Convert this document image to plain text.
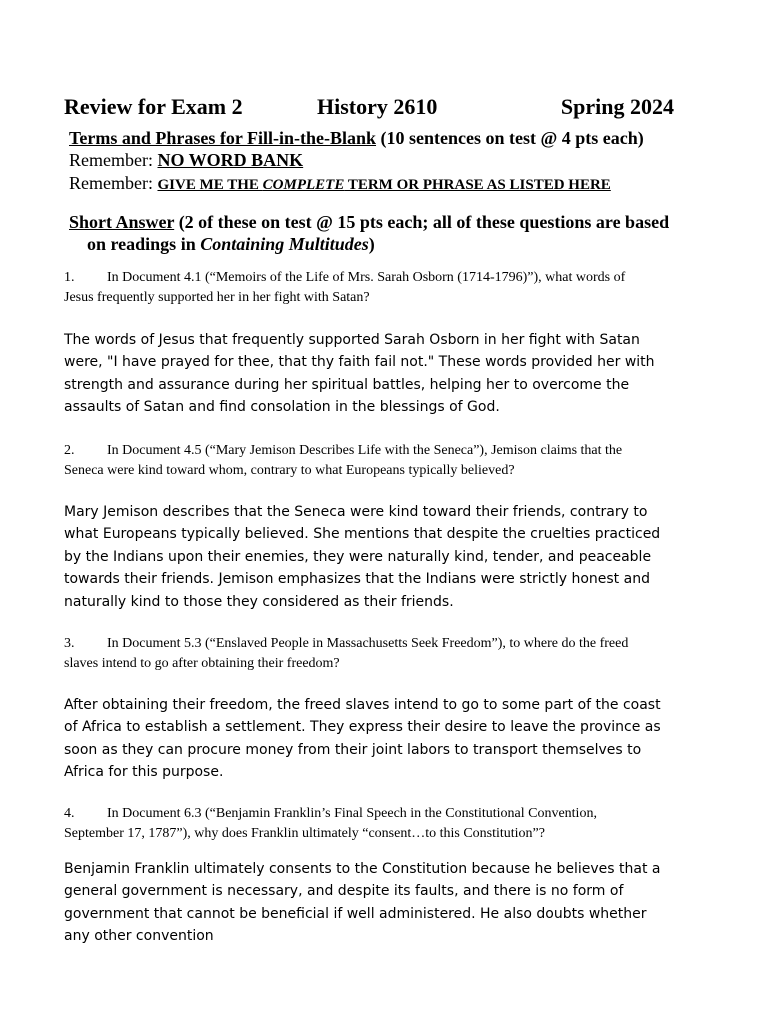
Review for Exam 2	History 2610	Spring 2024
Terms and Phrases for Fill-in-the-Blank (10 sentences on test @ 4 pts each)
Remember: NO WORD BANK
Remember: GIVE ME THE COMPLETE TERM OR PHRASE AS LISTED HERE
Short Answer (2 of these on test @ 15 pts each; all of these questions are based
on readings in Containing Multitudes)
1. In Document 4.1 (“Memoirs of the Life of Mrs. Sarah Osborn (1714-1796)”), what words of
Jesus frequently supported her in her fight with Satan?
The words of Jesus that frequently supported Sarah Osborn in her fight with Satan were, "I have prayed for thee, that thy faith fail not." These words provided her with strength and assurance during her spiritual battles, helping her to overcome the assaults of Satan and find consolation in the blessings of God.
2. In Document 4.5 (“Mary Jemison Describes Life with the Seneca”), Jemison claims that the
Seneca were kind toward whom, contrary to what Europeans typically believed?
Mary Jemison describes that the Seneca were kind toward their friends, contrary to what Europeans typically believed. She mentions that despite the cruelties practiced by the Indians upon their enemies, they were naturally kind, tender, and peaceable towards their friends. Jemison emphasizes that the Indians were strictly honest and naturally kind to those they considered as their friends.
3. In Document 5.3 (“Enslaved People in Massachusetts Seek Freedom”), to where do the freed
slaves intend to go after obtaining their freedom?
After obtaining their freedom, the freed slaves intend to go to some part of the coast of Africa to establish a settlement. They express their desire to leave the province as soon as they can procure money from their joint labors to transport themselves to Africa for this purpose.
4. In Document 6.3 (“Benjamin Franklin’s Final Speech in the Constitutional Convention,
September 17, 1787”), why does Franklin ultimately “consent…to this Constitution”?
Benjamin Franklin ultimately consents to the Constitution because he believes that a general government is necessary, and despite its faults, and there is no form of government that cannot be beneficial if well administered. He also doubts whether any other convention
